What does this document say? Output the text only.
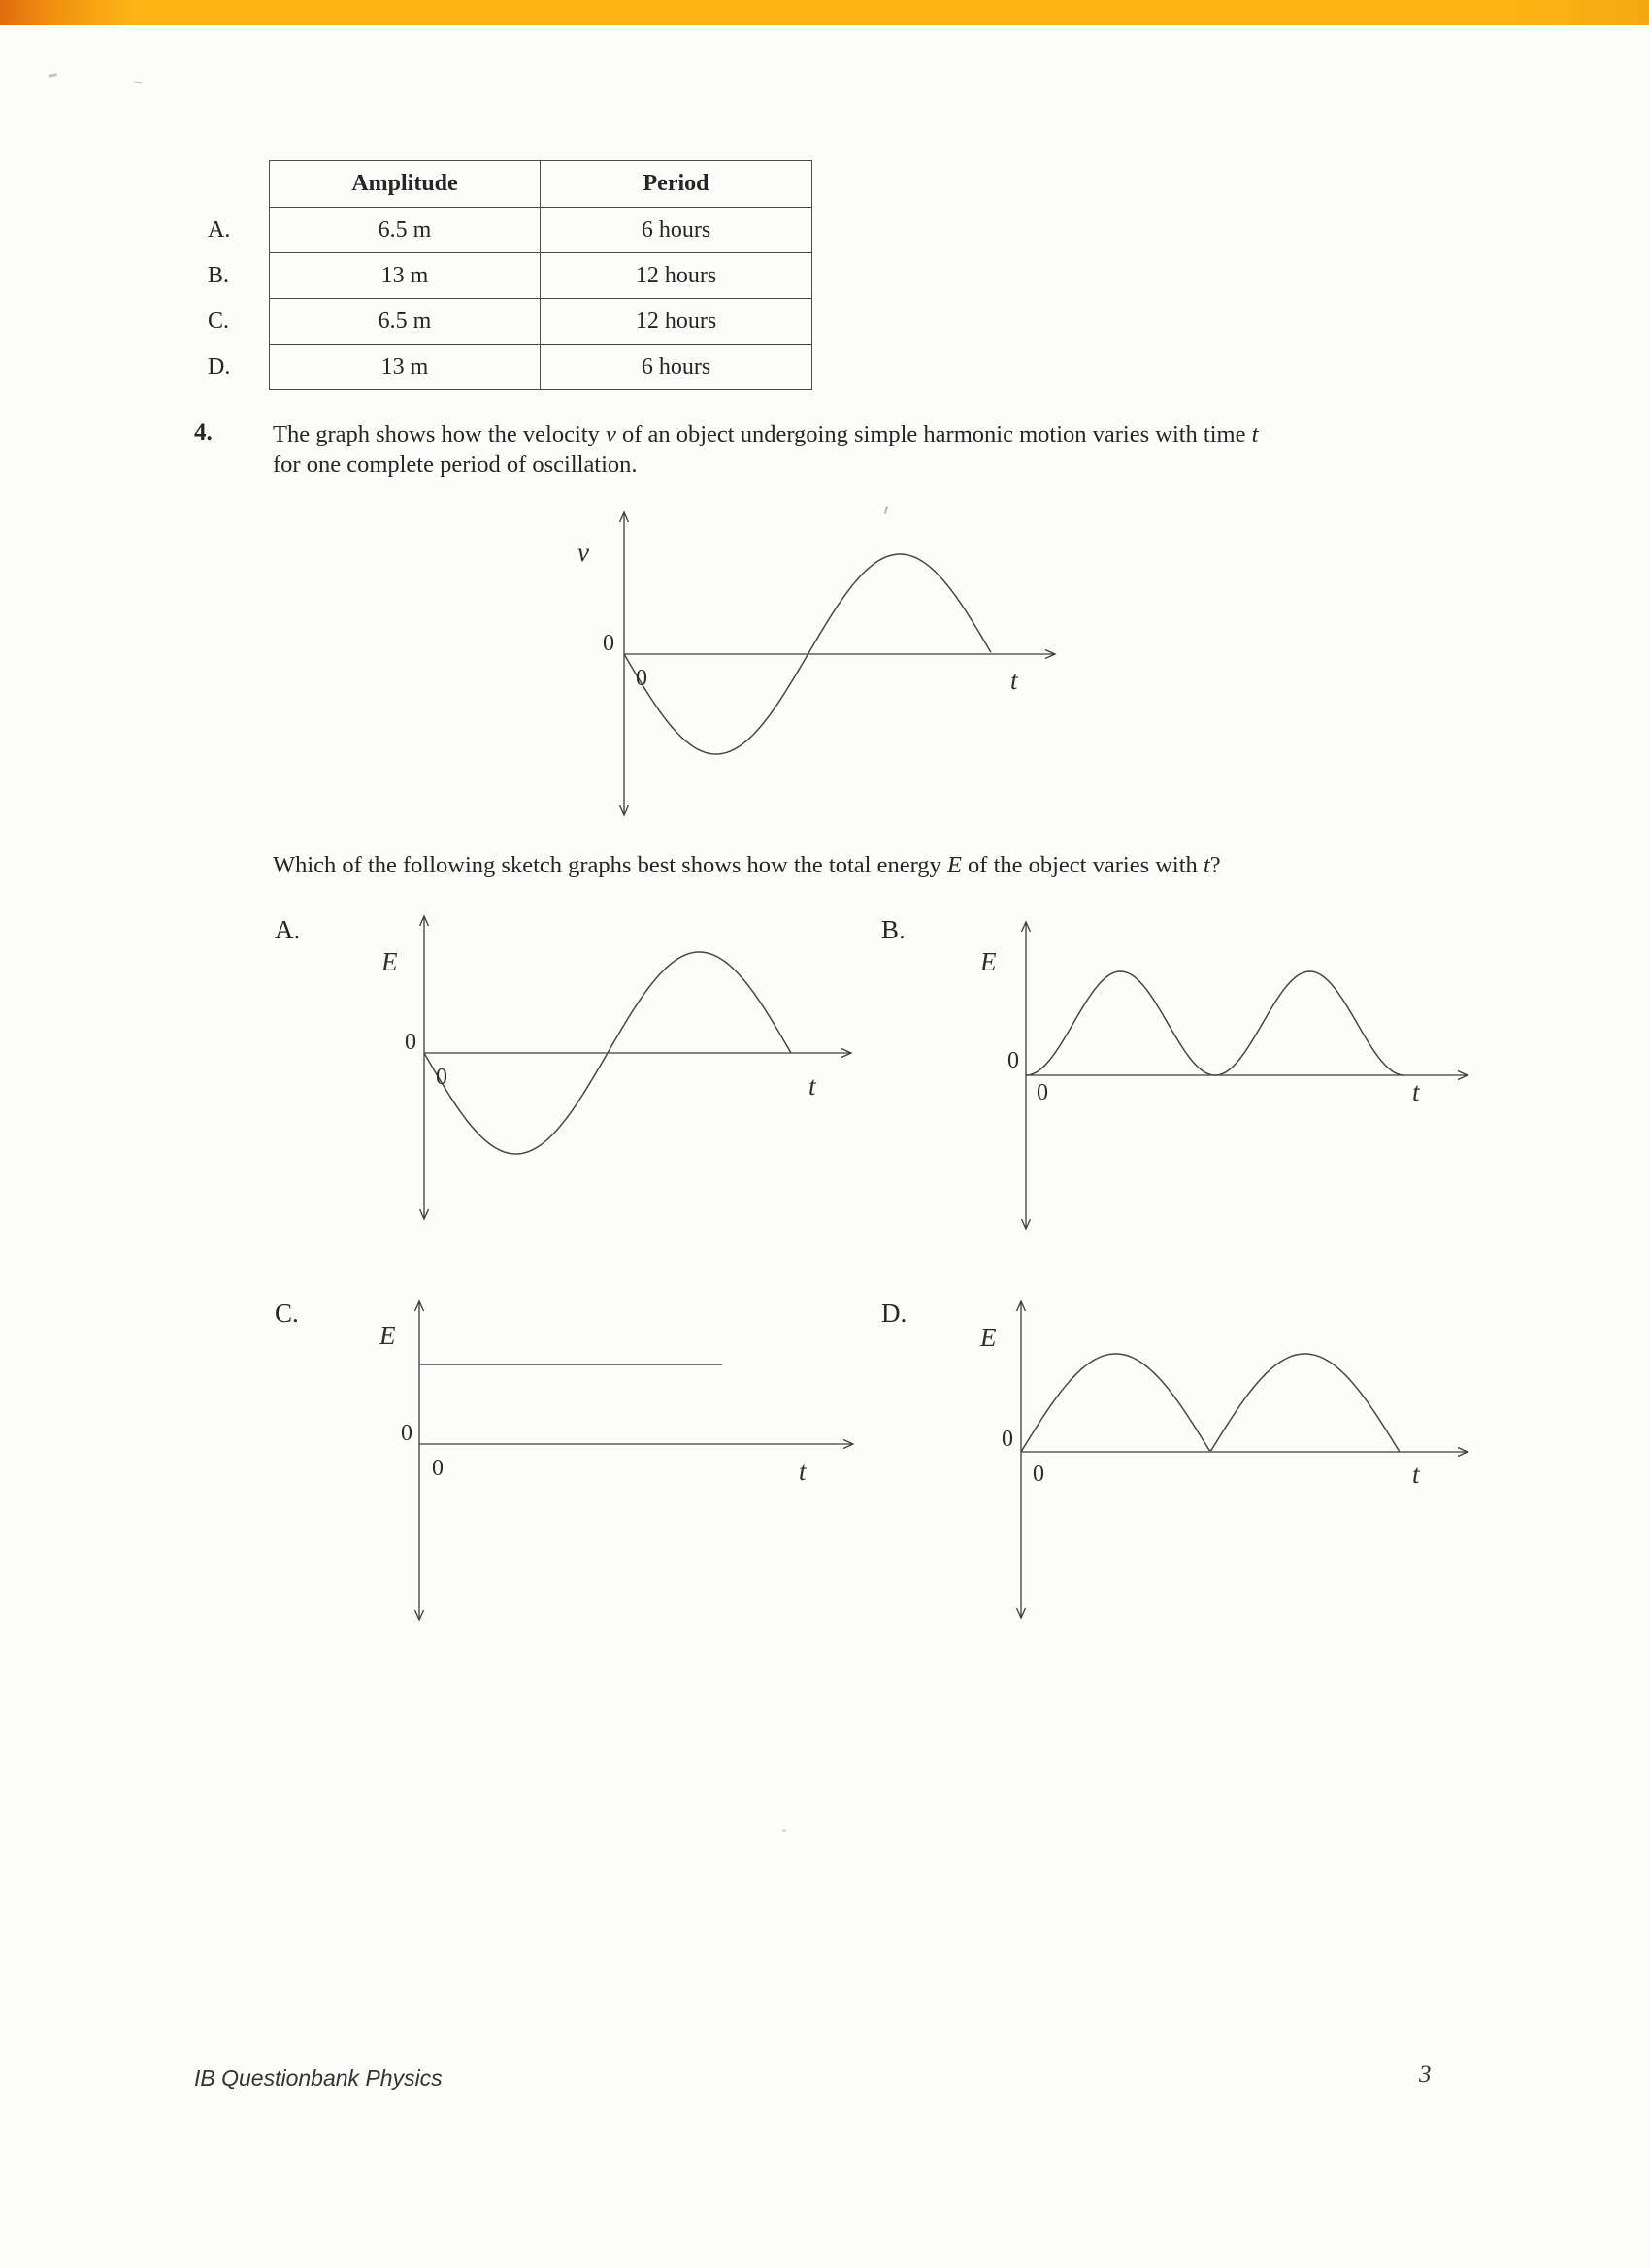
	Amplitude	Period
A.	6.5 m	6 hours
B.	13 m	12 hours
C.	6.5 m	12 hours
D.	13 m	6 hours
4.	The graph shows how the velocity v of an object undergoing simple harmonic motion varies with time t
for one complete period of oscillation.
v
0
0	t
Which of the following sketch graphs best shows how the total energy E of the object varies with t?
A.	B.
C.	D.
E
0
0	t
E
0
0	t
E
0
0	t
E
0
0	t
IB Questionbank Physics	3
